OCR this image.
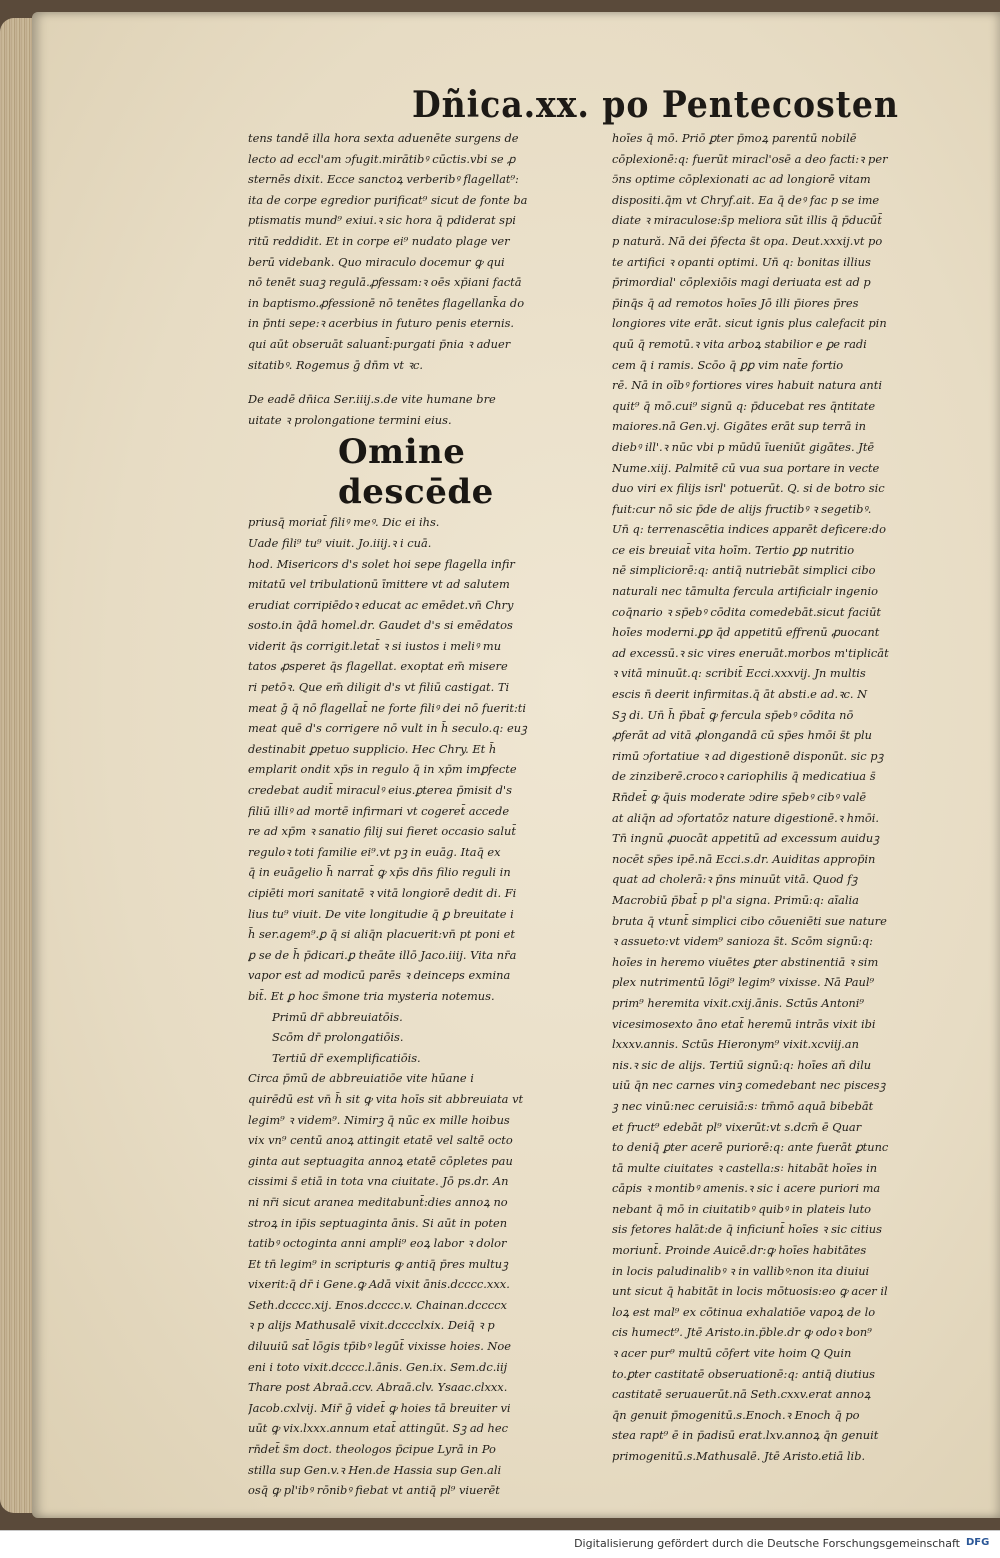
Dñica.xx. po Pentecosten

tens tandē illa hora sexta aduenēte surgens de

lecto ad eccl'am ↄfugit.mirātibꝰ cūctis.vbi se ꝓ

sternēs dixit. Ecce sanctoꝝ verberibꝰ flagellat⁹:

ita de corpe egredior purificat⁹ sicut de fonte ba

ptismatis mund⁹ exiui.ꝛ sic hora q̄ pdiderat spi

ritū reddidit. Et in corpe ei⁹ nudato plage ver

berū videbank. Quo miraculo docemur ꝙ qui

nō tenēt suaꝫ regulā.ꝓfessam:ꝛ oēs xp̄iani factā

in baptismo.ꝓfessionē nō tenētes flagellank̄a do

in p̄nti sepe:ꝛ acerbius in futuro penis eternis.

qui aūt obseruāt saluant̄:purgati p̄nia ꝛ aduer

sitatibꝰ. Rogemus ḡ dn̄m vt ꝛc.

De eadē dn̄ica Ser.iiij.s.de vite humane bre

uitate ꝛ prolongatione termini eius.

Omine descēde

priusq̄ moriat̄ filiꝰ meꝰ. Dic ei ihs.

Uade fili⁹ tu⁹ viuit. Jo.iiij.ꝛ i cuā.

hod. Misericors d's solet hoi sepe flagella infir

mitatū vel tribulationū īmittere vt ad salutem

erudiat corripiēdoꝛ educat ac emēdet.vn̄ Chry

sosto.in q̄dā homel.dr. Gaudet d's si emēdatos

viderit q̄s corrigit.letat̄ ꝛ si iustos i meliꝰ mu

tatos ꝓsperet q̄s flagellat. exoptat em̄ misere

ri petōꝛ. Que em̄ diligit d's vt filiū castigat. Ti

meat ḡ q̄ nō flagellat̄ ne forte filiꝰ dei nō fuerit:ti

meat quē d's corrigere nō vult in h̄ seculo.q: euꝫ

destinabit ꝑpetuo supplicio. Hec Chry. Et h̄

emplarit ondit xp̄s in regulo q̄ in xp̄m imꝑfecte

credebat audit̄ miraculꝰ eius.ꝑterea p̄misit d's

filiū illiꝰ ad mortē infirmari vt cogeret̄ accede

re ad xp̄m ꝛ sanatio filij sui fieret occasio salut̄

reguloꝛ toti familie ei⁹.vt pꝫ in euāg. Itaq̄ ex

q̄ in euāgelio h̄ narrat̄ ꝙ xp̄s dn̄s filio reguli in

cipiēti mori sanitatē ꝛ vitā longiorē dedit di. Fi

lius tu⁹ viuit. De vite longitudie q̄ ꝑ breuitate i

h̄ ser.agem⁹.ꝑ q̄ si aliq̄n placuerit:vn̄ pt poni et

ꝑ se de h̄ p̄dicari.ꝑ theāte illō Jaco.iiij. Vita nr̄a

vapor est ad modicū parēs ꝛ deinceps exmina

bit̄. Et ꝑ hoc s̄mone tria mysteria notemus.

Primū dr̄ abbreuiatōis.

Scōm dr̄ prolongatiōis.

Tertiū dr̄ exemplificatiōis.

Circa p̄mū de abbreuiatiōe vite hūane i

quirēdū est vn̄ h̄ sit ꝙ vita hoīs sit abbreuiata vt

legim⁹ ꝛ videm⁹. Nimirꝫ q̄ nūc ex mille hoibus

vix vn⁹ centū anoꝝ attingit etatē vel saltē octo

ginta aut septuagita annoꝝ etatē cōpletes pau

cissimi s̄ etiā in tota vna ciuitate. Jō ps.dr. An

ni nr̄i sicut aranea meditabunt̄:dies annoꝝ no

stroꝝ in ip̄is septuaginta ānis. Si aūt in poten

tatibꝰ octoginta anni ampli⁹ eoꝝ labor ꝛ dolor

Et tn̄ legim⁹ in scripturis ꝙ antiq̄ p̄res multuꝫ

vixerit:q̄ dr̄ i Gene.ꝙ Adā vixit ānis.dcccc.xxx.

Seth.dcccc.xij. Enos.dcccc.v. Chainan.dccccx

ꝛ p alijs Mathusalē vixit.dcccclxix. Deiq̄ ꝛ p

diluuiū sat̄ lōgis tp̄ibꝰ legūt̄ vixisse hoies. Noe

eni i toto vixit.dcccc.l.ānis. Gen.ix. Sem.dc.iij

Thare post Abraā.ccv. Abraā.clv. Ysaac.clxxx.

Jacob.cxlvij. Mir̄ ḡ videt̄ ꝙ hoies tā breuiter vi

uūt ꝙ vix.lxxx.annum etat̄ attingūt. Sꝫ ad hec

rn̄det̄ s̄m doct. theologos p̄cipue Lyrā in Po

stilla sup Gen.v.ꝛ Hen.de Hassia sup Gen.ali

osq̄ ꝙ pl'ibꝰ rōnibꝰ fiebat vt antiq̄ pl⁹ viuerēt

hoīes q̄ mō. Priō ꝑter p̄moꝝ parentū nobilē

cōplexionē:q: fuerūt miracl'osē a deo facti:ꝛ per

ↄ̄ns optime cōplexionati ac ad longiorē vitam

dispositi.q̄m vt Chryf.ait. Ea q̄ deꝰ fac p se ime

diate ꝛ miraculose:s̄p meliora sūt illis q̄ p̄ducūt̄

p natură. Nā dei p̄fecta s̄t opa. Deut.xxxij.vt po

te artifici ꝛ opanti optimi. Un̄ q: bonitas illius

p̄rimordial' cōplexiōis magi̇ deriuata est ad p

p̄inq̄s q̄ ad remotos hoīes Jō illi p̄iores p̄res

longiores vite erāt. sicut ignis plus calefacit pin

quū q̄ remotū.ꝛ vita arboꝝ stabilior e ꝑe radi

cem q̄ i ramis. Scōo q̄ ꝑꝑ vim nat̄e fortio

rē. Nā in oībꝰ fortiores vires habuit natura anti

quit⁹ q̄ mō.cui⁹ signū q: p̄ducebat res q̄ntitate

maiores.nā Gen.vj. Gigātes erāt sup terrā in

diebꝰ ill'.ꝛ nūc vbi p mūdū īueniūt gigātes. Jtē

Nume.xiij. Palmitē cū vua sua portare in vecte

duo viri ex filijs isrl' potuerūt. Q. si de botro sic

fuit:cur nō sic p̄de de alijs fructibꝰ ꝛ segetibꝰ.

Un̄ q: terrenascētia indices apparēt deficere:do

ce eis breuiat̄ vita hoīm. Tertio ꝑꝑ nutritio

nē simpliciorē:q: antiq̄ nutriebāt simplici cibo

naturali nec tāmulta fercula artificialr ingenio

coq̄nario ꝛ sp̄ebꝰ cōdita comedebāt.sicut faciūt

hoīes moderni.ꝑꝑ q̄d appetitū effrenū ꝓuocant

ad excessū.ꝛ sic vires eneruāt.morbos m'tiplicāt

ꝛ vitā minuūt.q: scribit̄ Ecci.xxxvij. Jn multis

escis n̄ deerit infirmitas.q̄ āt absti.e ad.ꝛc. N

Sꝫ di. Un̄ h̄ p̄bat̄ ꝙ fercula sp̄ebꝰ cōdita nō

ꝓferāt ad vitā ꝓlongandā cū sp̄es hmōi s̄t plu

rimū ↄfortatiue ꝛ ad digestionē disponūt. sic pꝫ

de zinziberē.crocoꝛ cariophilis q̄ medicatiua s̄

Rn̄det̄ ꝙ q̄uis moderate ↄdire sp̄ebꝰ cibꝰ valē

at aliq̄n ad ↄfortatōz nature digestionē.ꝛ hmōi.

Tn̄ ingnū ꝓuocāt appetitū ad excessum auiduꝫ

nocēt sp̄es ipē.nā Ecci.s.dr. Auiditas approp̄in

quat ad cholerā:ꝛ p̄ns minuūt vitā. Quod fꝫ

Macrobiū p̄bat̄ p pl'a signa. Primū:q: aīalia

bruta q̄ vtunt̄ simplici cibo cōueniēti sue nature

ꝛ assueto:vt videm⁹ sanioza s̄t. Scōm signū:q:

hoīes in heremo viuētes ꝑter abstinentiā ꝛ sim

plex nutrimentū lōgi⁹ legim⁹ vixisse. Nā Paul⁹

prim⁹ heremita vixit.cxij.ānis. Sctūs Antoni⁹

vicesimosexto āno etat̄ heremū intrās vixit ibi

lxxxv.annis. Sctūs Hieronym⁹ vixit.xcviij.an

nis.ꝛ sic de alijs. Tertiū signū:q: hoīes añ dilu

uiū q̄n nec carnes vinꝫ comedebant nec piscesꝫ

ꝫ nec vinū:nec ceruisiā:s꞉ tm̄mō aquā bibebāt

et fruct⁹ edebāt pl⁹ vixerūt:vt s.dcm̄ ē Quar

to deniq̄ ꝑter acerē puriorē:q: ante fuerāt ꝑtunc

tā multe ciuitates ꝛ castella:s꞉ hitabāt hoīes in

cāpis ꝛ montibꝰ amenis.ꝛ sic i acere puriori ma

nebant q̄ mō in ciuitatibꝰ quibꝰ in plateis luto

sis fetores halāt:de q̄ inficiunt̄ hoīes ꝛ sic citius

moriunt̄. Proinde Auicē.dr:ꝙ hoīes habitātes

in locis paludinalibꝰ ꝛ in vallibꝰ:non ita diuiui

unt sicut q̄ habitāt in locis mōtuosis:eo ꝙ acer il

loꝝ est mal⁹ ex cōtinua exhalatiōe vapoꝝ de lo

cis humect⁹. Jtē Aristo.in.p̄ble.dr ꝙ odoꝛ bon⁹

ꝛ acer pur⁹ multū cōfert vite hoim Q Quin

to.ꝑter castitatē obseruationē:q: antiq̄ diutius

castitatē seruauerūt.nā Seth.cxxv.erat annoꝝ

q̄n genuit p̄mogenitū.s.Enoch.ꝛ Enoch q̄ po

stea rapt⁹ ē in p̄adisū erat.lxv.annoꝝ q̄n genuit

primogenitū.s.Mathusalē. Jtē Aristo.etiā lib.

Digitalisierung gefördert durch die Deutsche Forschungsgemeinschaft DFG
